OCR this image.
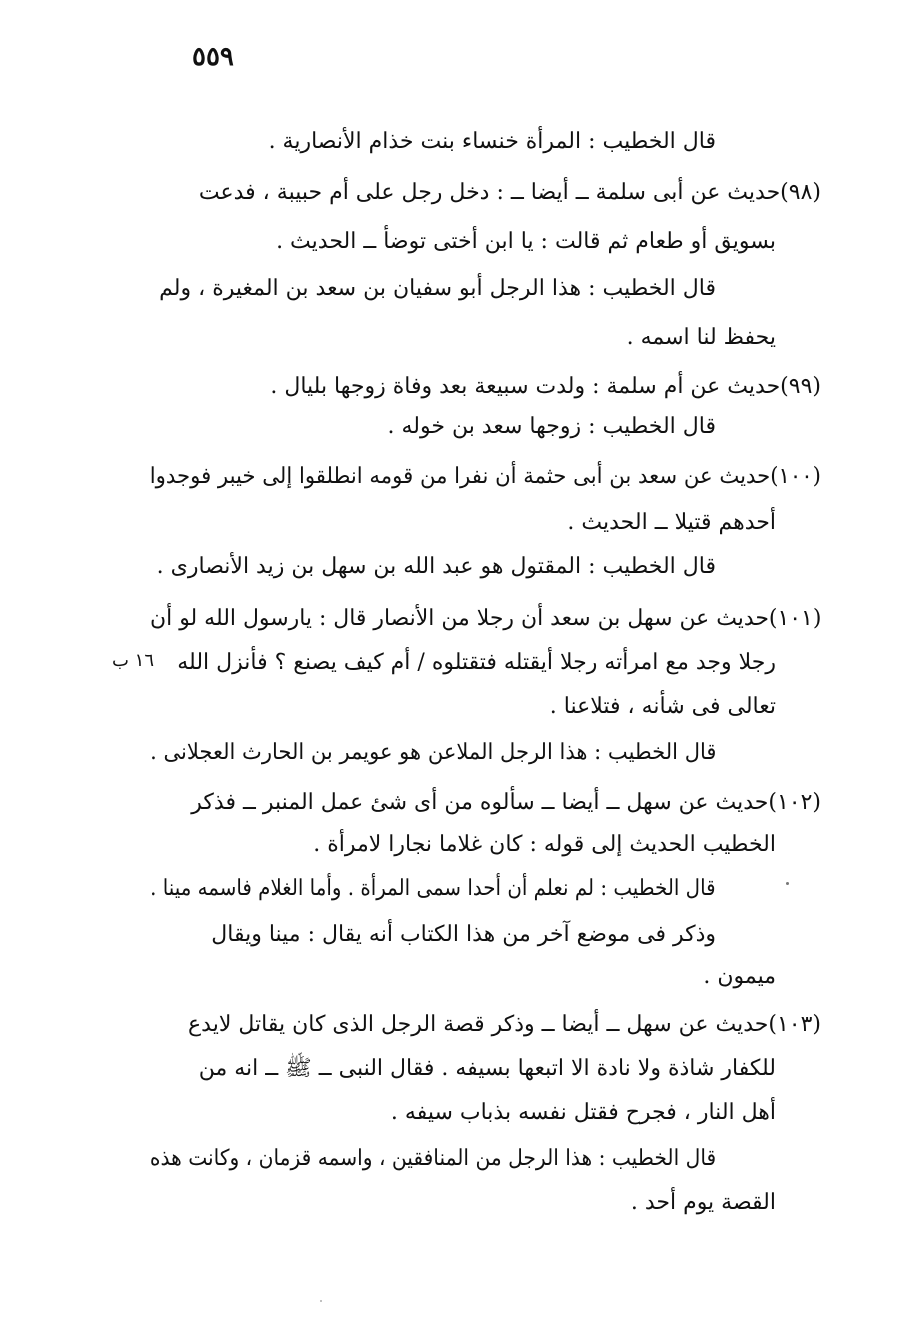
٥٥٩
قال الخطيب : المرأة خنساء بنت خذام الأنصارية .
(٩٨)حديث عن أبى سلمة ــ أيضا ــ : دخل رجل على أم حبيبة ، فدعت
بسويق أو طعام ثم قالت : يا ابن أختى توضأ ــ الحديث .
قال الخطيب : هذا الرجل أبو سفيان بن سعد بن المغيرة ، ولم
يحفظ لنا اسمه .
(٩٩)حديث عن أم سلمة : ولدت سبيعة بعد وفاة زوجها بليال .
قال الخطيب : زوجها سعد بن خوله .
(١٠٠)حديث عن سعد بن أبى حثمة أن نفرا من قومه انطلقوا إلى خيبر فوجدوا
أحدهم قتيلا ــ الحديث .
قال الخطيب : المقتول هو عبد الله بن سهل بن زيد الأنصارى .
(١٠١)حديث عن سهل بن سعد أن رجلا من الأنصار قال : يارسول الله لو أن
رجلا وجد مع امرأته رجلا أيقتله فتقتلوه / أم كيف يصنع ؟ فأنزل الله
١٦ ب
تعالى فى شأنه ، فتلاعنا .
قال الخطيب : هذا الرجل الملاعن هو عويمر بن الحارث العجلانى .
(١٠٢)حديث عن سهل ــ أيضا ــ سألوه من أى شئ عمل المنبر ــ فذكر
الخطيب الحديث إلى قوله : كان غلاما نجارا لامرأة .
قال الخطيب : لم نعلم أن أحدا سمى المرأة . وأما الغلام فاسمه مينا .
وذكر فى موضع آخر من هذا الكتاب أنه يقال : مينا ويقال
ميمون .
(١٠٣)حديث عن سهل ــ أيضا ــ وذكر قصة الرجل الذى كان يقاتل لايدع
للكفار شاذة ولا نادة الا اتبعها بسيفه . فقال النبى ــ ﷺ ــ انه من
أهل النار ، فجرح فقتل نفسه بذباب سيفه .
قال الخطيب : هذا الرجل من المنافقين ، واسمه قزمان ، وكانت هذه
القصة يوم أحد .
